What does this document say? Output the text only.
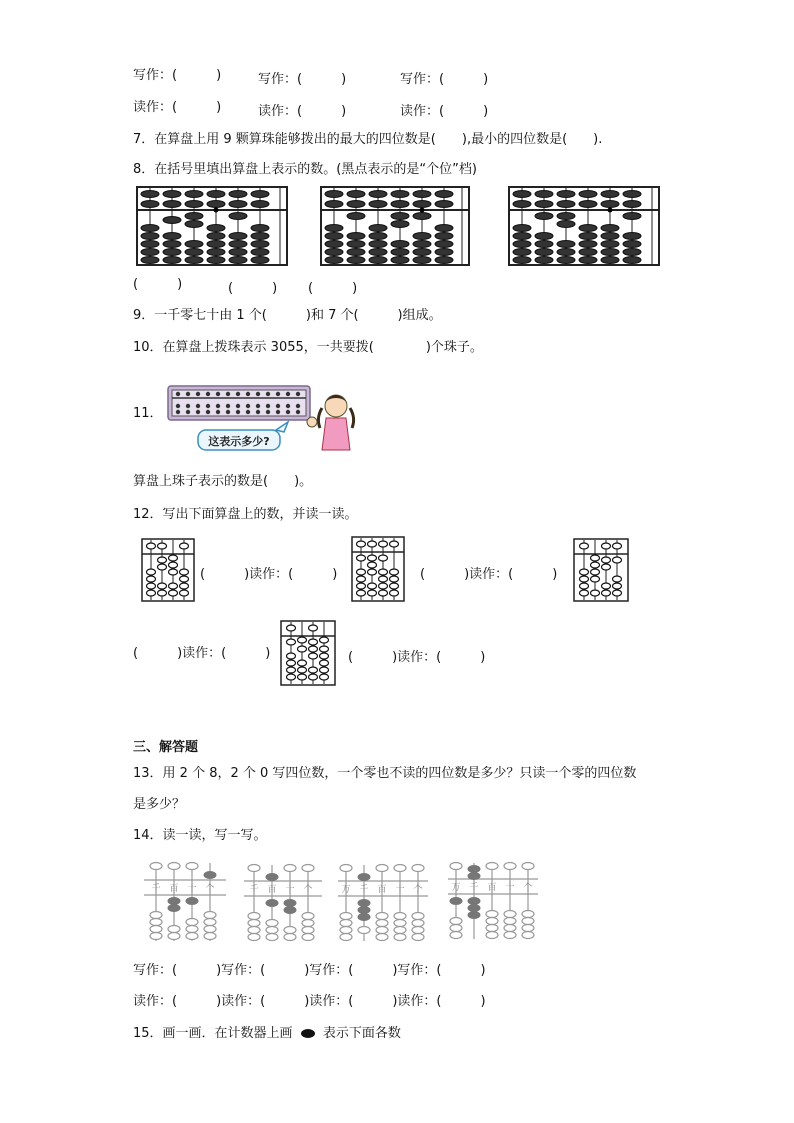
写作：(　　　)	写作：(　　　)	写作：(　　　)
读作：(　　　)	读作：(　　　)	读作：(　　　)
7．在算盘上用 9 颗算珠能够拨出的最大的四位数是(　　),最小的四位数是(　　).
8．在括号里填出算盘上表示的数。(黑点表示的是“个位”档)
(　　　)	(　　　) (　　　)
9．一千零七十由 1 个(　　　)和 7 个(　　　)组成。
10．在算盘上拨珠表示 3055，一共要拨(　　　　)个珠子。
11．
这表示多少?
算盘上珠子表示的数是(　　)。
12．写出下面算盘上的数，并读一读。
(　　　)读作：(　　　)	(　　　)读作：(　　　)
(　　　)读作：(　　　)	(　　　)读作：(　　　)
三、解答题
13．用 2 个 8，2 个 0 写四位数，一个零也不读的四位数是多少？只读一个零的四位数
是多少？
14．读一读，写一写。
千 百 十 个	千 百 十 个	万 千 百 十 个	万 千 百 十 个
写作：(　　　)写作：(　　　)写作：(　　　)写作：(　　　)
读作：(　　　)读作：(　　　)读作：(　　　)读作：(　　　)
15．画一画．在计数器上画 表示下面各数
